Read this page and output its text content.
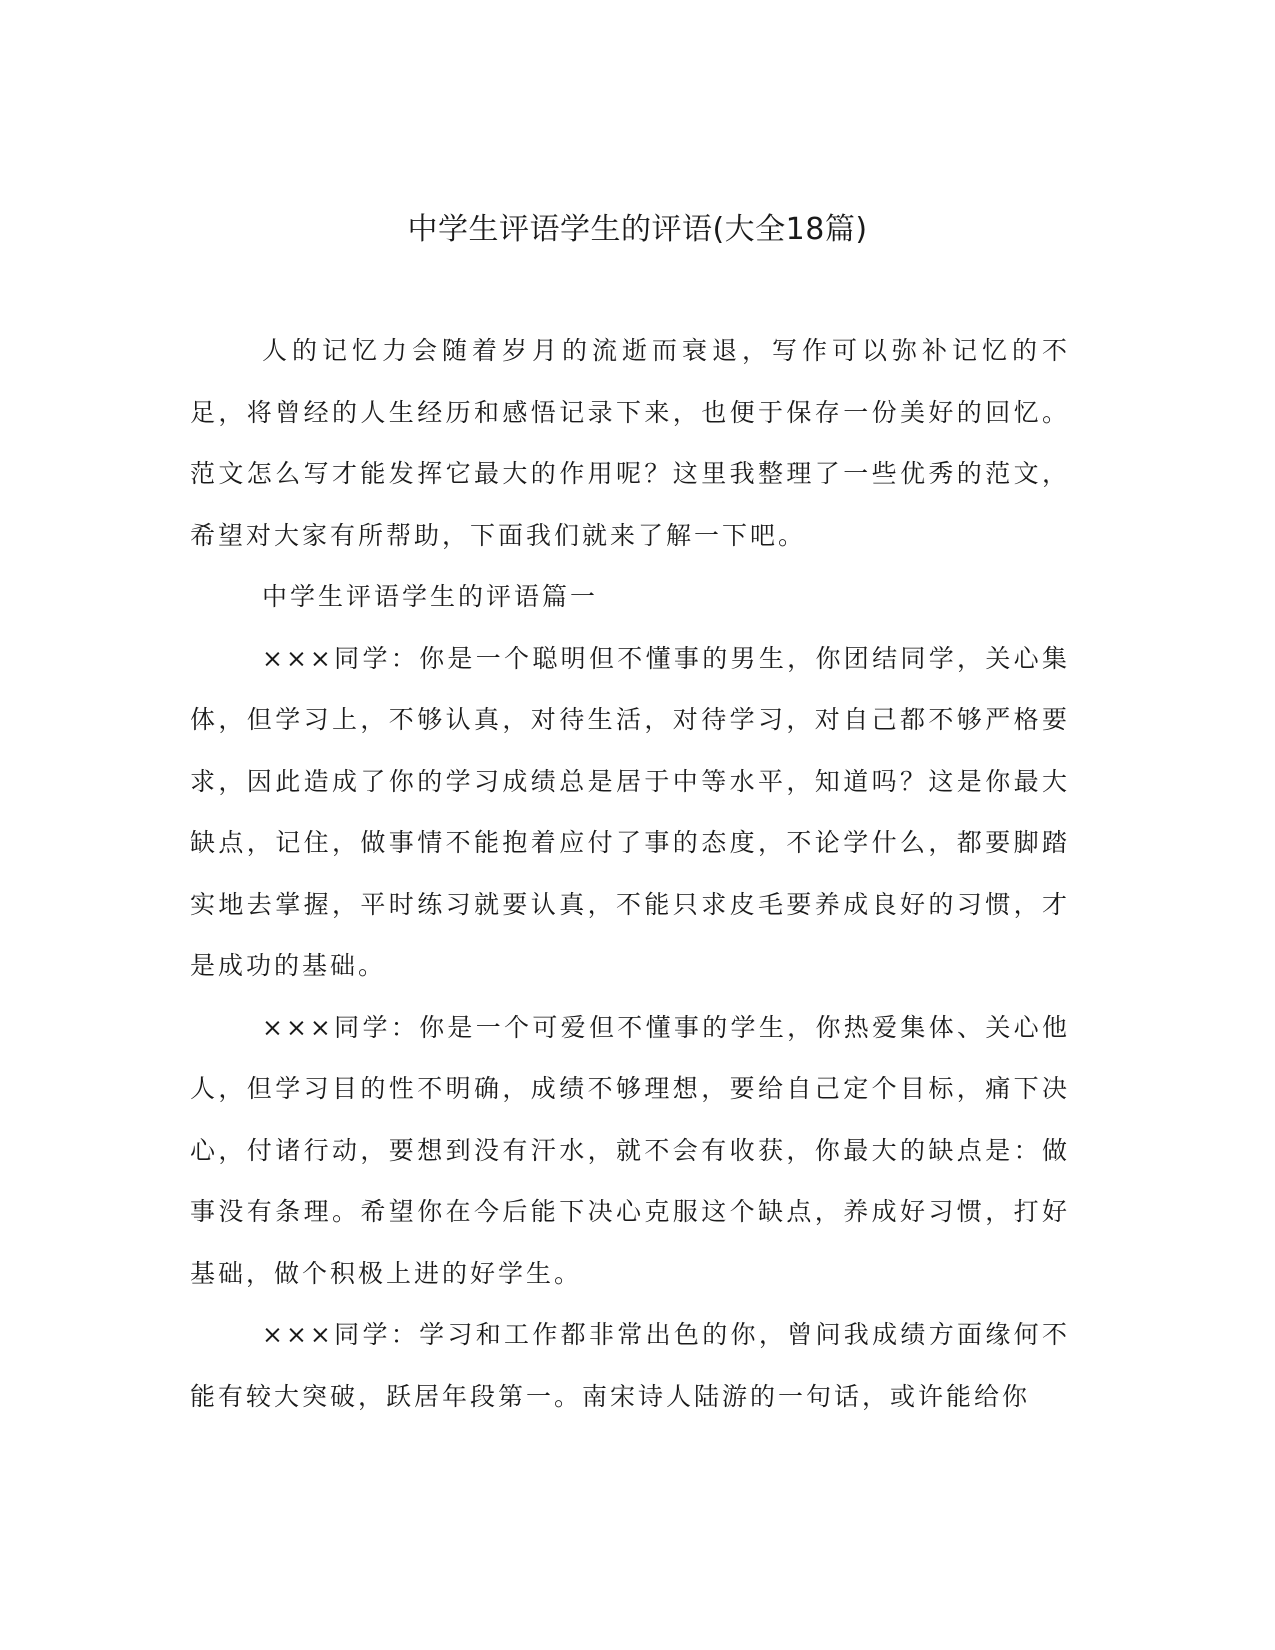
中学生评语学生的评语(大全18篇)

人的记忆力会随着岁月的流逝而衰退，写作可以弥补记忆的不足，将曾经的人生经历和感悟记录下来，也便于保存一份美好的回忆。范文怎么写才能发挥它最大的作用呢？这里我整理了一些优秀的范文，希望对大家有所帮助，下面我们就来了解一下吧。

中学生评语学生的评语篇一

×××同学：你是一个聪明但不懂事的男生，你团结同学，关心集体，但学习上，不够认真，对待生活，对待学习，对自己都不够严格要求，因此造成了你的学习成绩总是居于中等水平，知道吗？这是你最大缺点，记住，做事情不能抱着应付了事的态度，不论学什么，都要脚踏实地去掌握，平时练习就要认真，不能只求皮毛要养成良好的习惯，才是成功的基础。

×××同学：你是一个可爱但不懂事的学生，你热爱集体、关心他人，但学习目的性不明确，成绩不够理想，要给自己定个目标，痛下决心，付诸行动，要想到没有汗水，就不会有收获，你最大的缺点是：做事没有条理。希望你在今后能下决心克服这个缺点，养成好习惯，打好基础，做个积极上进的好学生。

×××同学：学习和工作都非常出色的你，曾问我成绩方面缘何不能有较大突破，跃居年段第一。南宋诗人陆游的一句话，或许能给你
